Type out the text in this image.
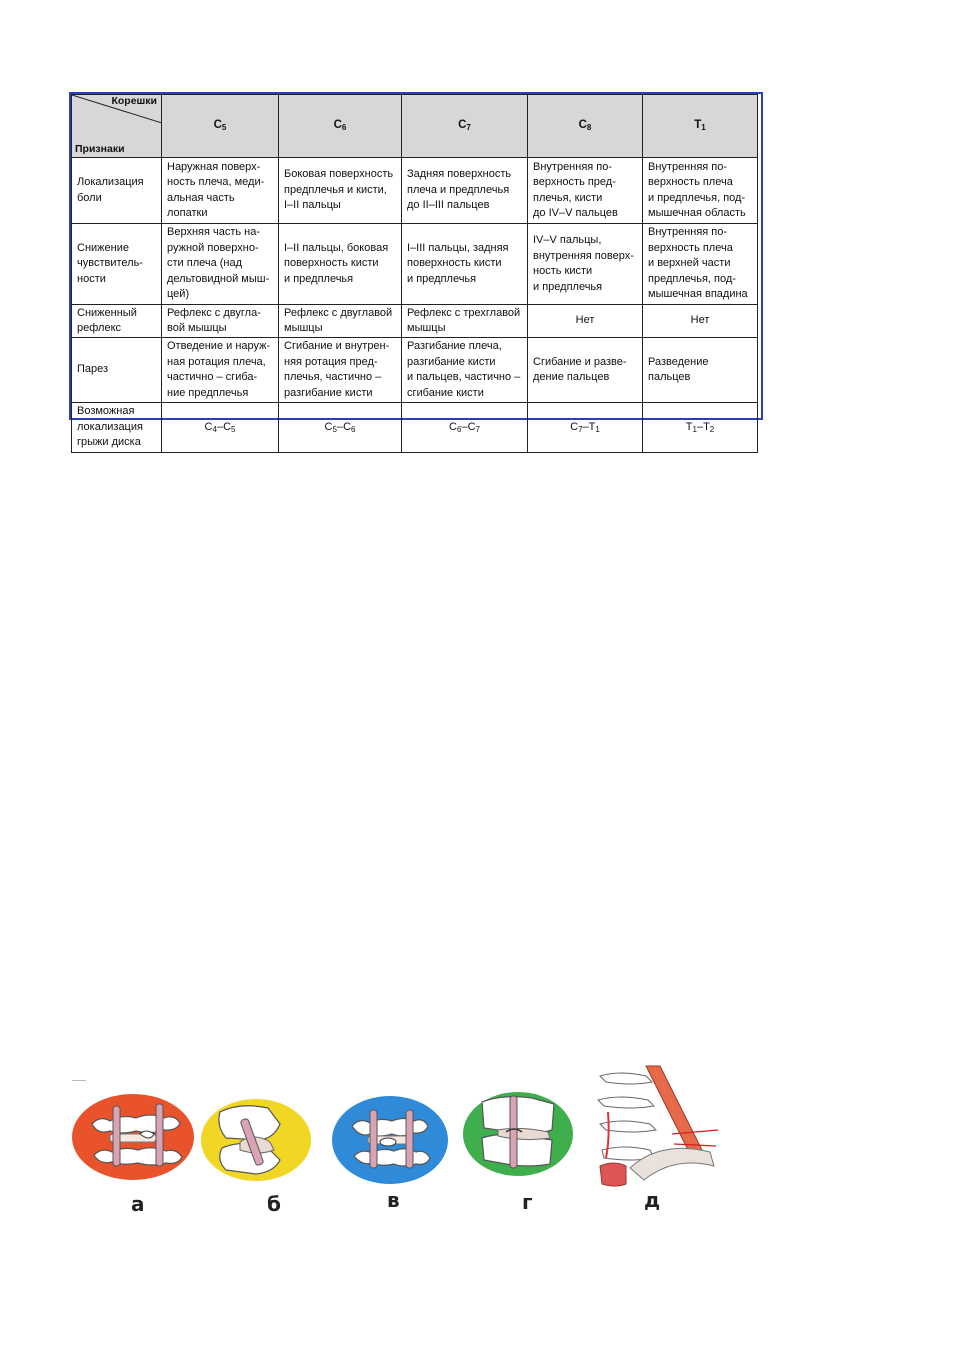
Корешки

Признаки	$C_5$	$C_6$	$C_7$	$C_8$	$T_1$
Локализация
боли	Наружная поверх-
ность плеча, меди-
альная часть лопатки	Боковая поверхность
предплечья и кисти,
I–II пальцы	Задняя поверхность
плеча и предплечья
до II–III пальцев	Внутренняя по-
верхность пред-
плечья, кисти
до IV–V пальцев	Внутренняя по-
верхность плеча
и предплечья, под-
мышечная область
Снижение
чувствитель-
ности	Верхняя часть на-
ружной поверхно-
сти плеча (над
дельтовидной мыш-
цей)	I–II пальцы, боковая
поверхность кисти
и предплечья	I–III пальцы, задняя
поверхность кисти
и предплечья	IV–V пальцы,
внутренняя поверх-
ность кисти
и предплечья	Внутренняя по-
верхность плеча
и верхней части
предплечья, под-
мышечная впадина
Сниженный
рефлекс	Рефлекс с двугла-
вой мышцы	Рефлекс с двуглавой
мышцы	Рефлекс с трехглавой
мышцы	Нет	Нет
Парез	Отведение и наруж-
ная ротация плеча,
частично – сгиба-
ние предплечья	Сгибание и внутрен-
няя ротация пред-
плечья, частично –
разгибание кисти	Разгибание плеча,
разгибание кисти
и пальцев, частично –
сгибание кисти	Сгибание и разве-
дение пальцев	Разведение
пальцев
Возможная
локализация
грыжи диска	$C_4-C_5$	$C_5-C_6$	$C_6-C_7$	$C_7-T_1$	$T_1-T_2$
а	б	в	г	д
